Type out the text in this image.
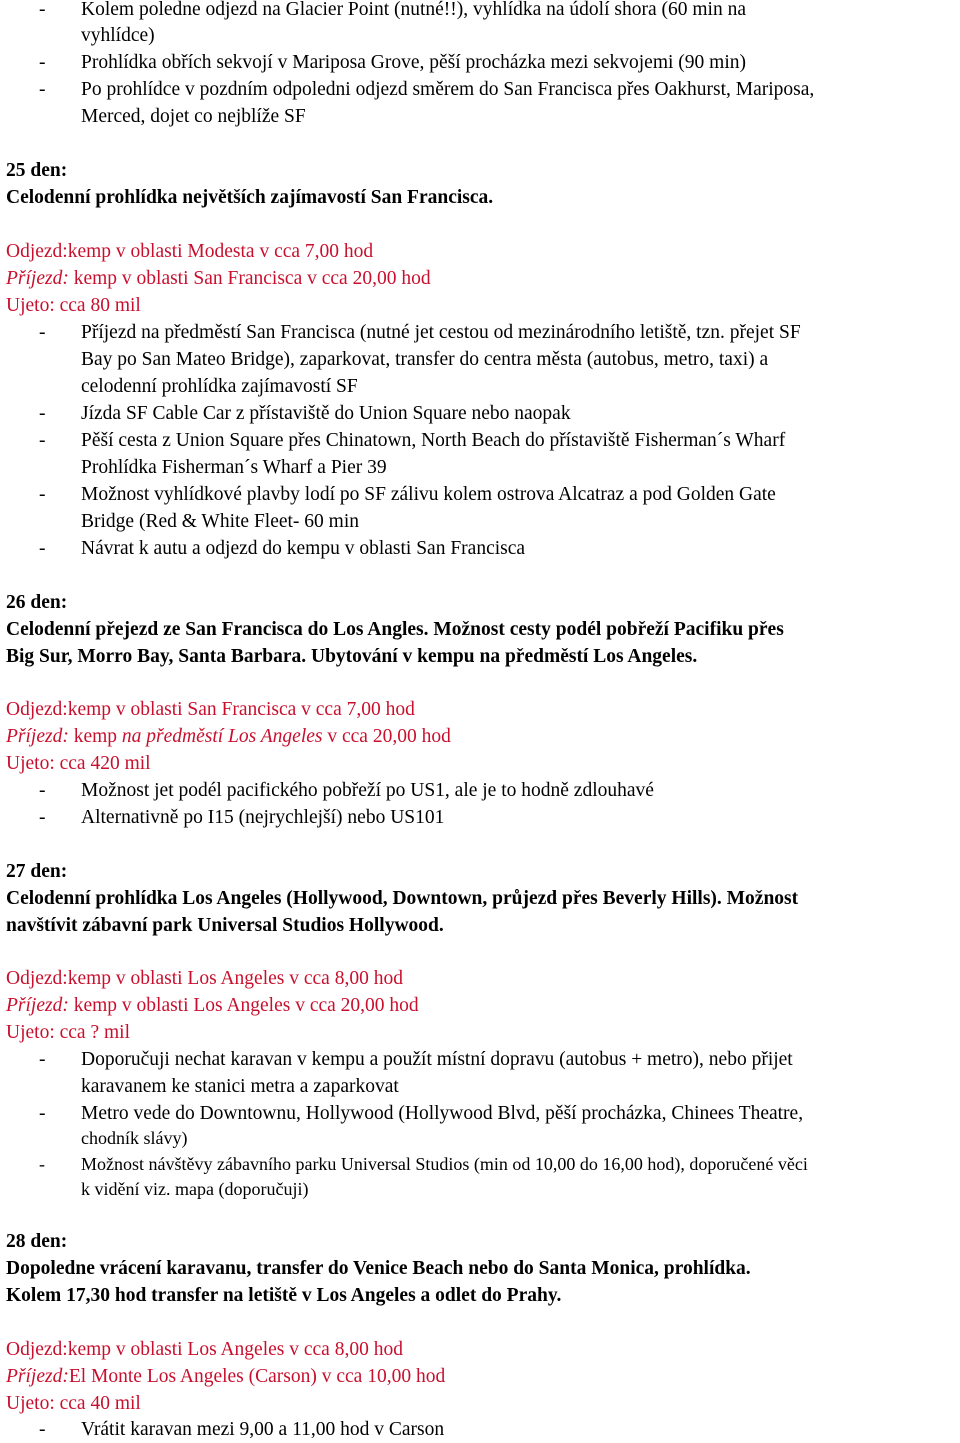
- Kolem poledne odjezd na Glacier Point (nutné!!), vyhlídka na údolí shora (60 min na
vyhlídce)
- Prohlídka obřích sekvojí v Mariposa Grove, pěší procházka mezi sekvojemi (90 min)
- Po prohlídce v pozdním odpoledni odjezd směrem do San Francisca přes Oakhurst, Mariposa,
Merced, dojet co nejblíže SF
25 den:
Celodenní prohlídka největších zajímavostí San Francisca.
Odjezd:kemp v oblasti Modesta v cca 7,00 hod
Příjezd: kemp v oblasti San Francisca v cca 20,00 hod
Ujeto: cca 80 mil
- Příjezd na předměstí San Francisca (nutné jet cestou od mezinárodního letiště, tzn. přejet SF
Bay po San Mateo Bridge), zaparkovat, transfer do centra města (autobus, metro, taxi) a
celodenní prohlídka zajímavostí SF
- Jízda SF Cable Car z přístaviště do Union Square nebo naopak
- Pěší cesta z Union Square přes Chinatown, North Beach do přístaviště Fisherman´s Wharf
Prohlídka Fisherman´s Wharf a Pier 39
- Možnost vyhlídkové plavby lodí po SF zálivu kolem ostrova Alcatraz a pod Golden Gate
Bridge (Red & White Fleet- 60 min
- Návrat k autu a odjezd do kempu v oblasti San Francisca
26 den:
Celodenní přejezd ze San Francisca do Los Angles. Možnost cesty podél pobřeží Pacifiku přes
Big Sur, Morro Bay, Santa Barbara. Ubytování v kempu na předměstí Los Angeles.
Odjezd:kemp v oblasti San Francisca v cca 7,00 hod
Příjezd: kemp na předměstí Los Angeles v cca 20,00 hod
Ujeto: cca 420 mil
- Možnost jet podél pacifického pobřeží po US1, ale je to hodně zdlouhavé
- Alternativně po I15 (nejrychlejší) nebo US101
27 den:
Celodenní prohlídka Los Angeles (Hollywood, Downtown, průjezd přes Beverly Hills). Možnost
navštívit zábavní park Universal Studios Hollywood.
Odjezd:kemp v oblasti Los Angeles v cca 8,00 hod
Příjezd: kemp v oblasti Los Angeles v cca 20,00 hod
Ujeto: cca ? mil
- Doporučuji nechat karavan v kempu a použít místní dopravu (autobus + metro), nebo přijet
karavanem ke stanici metra a zaparkovat
- Metro vede do Downtownu, Hollywood (Hollywood Blvd, pěší procházka, Chinees Theatre,
chodník slávy)
- Možnost návštěvy zábavního parku Universal Studios (min od 10,00 do 16,00 hod), doporučené věci
k vidění viz. mapa (doporučuji)
28 den:
Dopoledne vrácení karavanu, transfer do Venice Beach nebo do Santa Monica, prohlídka.
Kolem 17,30 hod transfer na letiště v Los Angeles a odlet do Prahy.
Odjezd:kemp v oblasti Los Angeles v cca 8,00 hod
Příjezd:El Monte Los Angeles (Carson) v cca 10,00 hod
Ujeto: cca 40 mil
- Vrátit karavan mezi 9,00 a 11,00 hod v Carson
